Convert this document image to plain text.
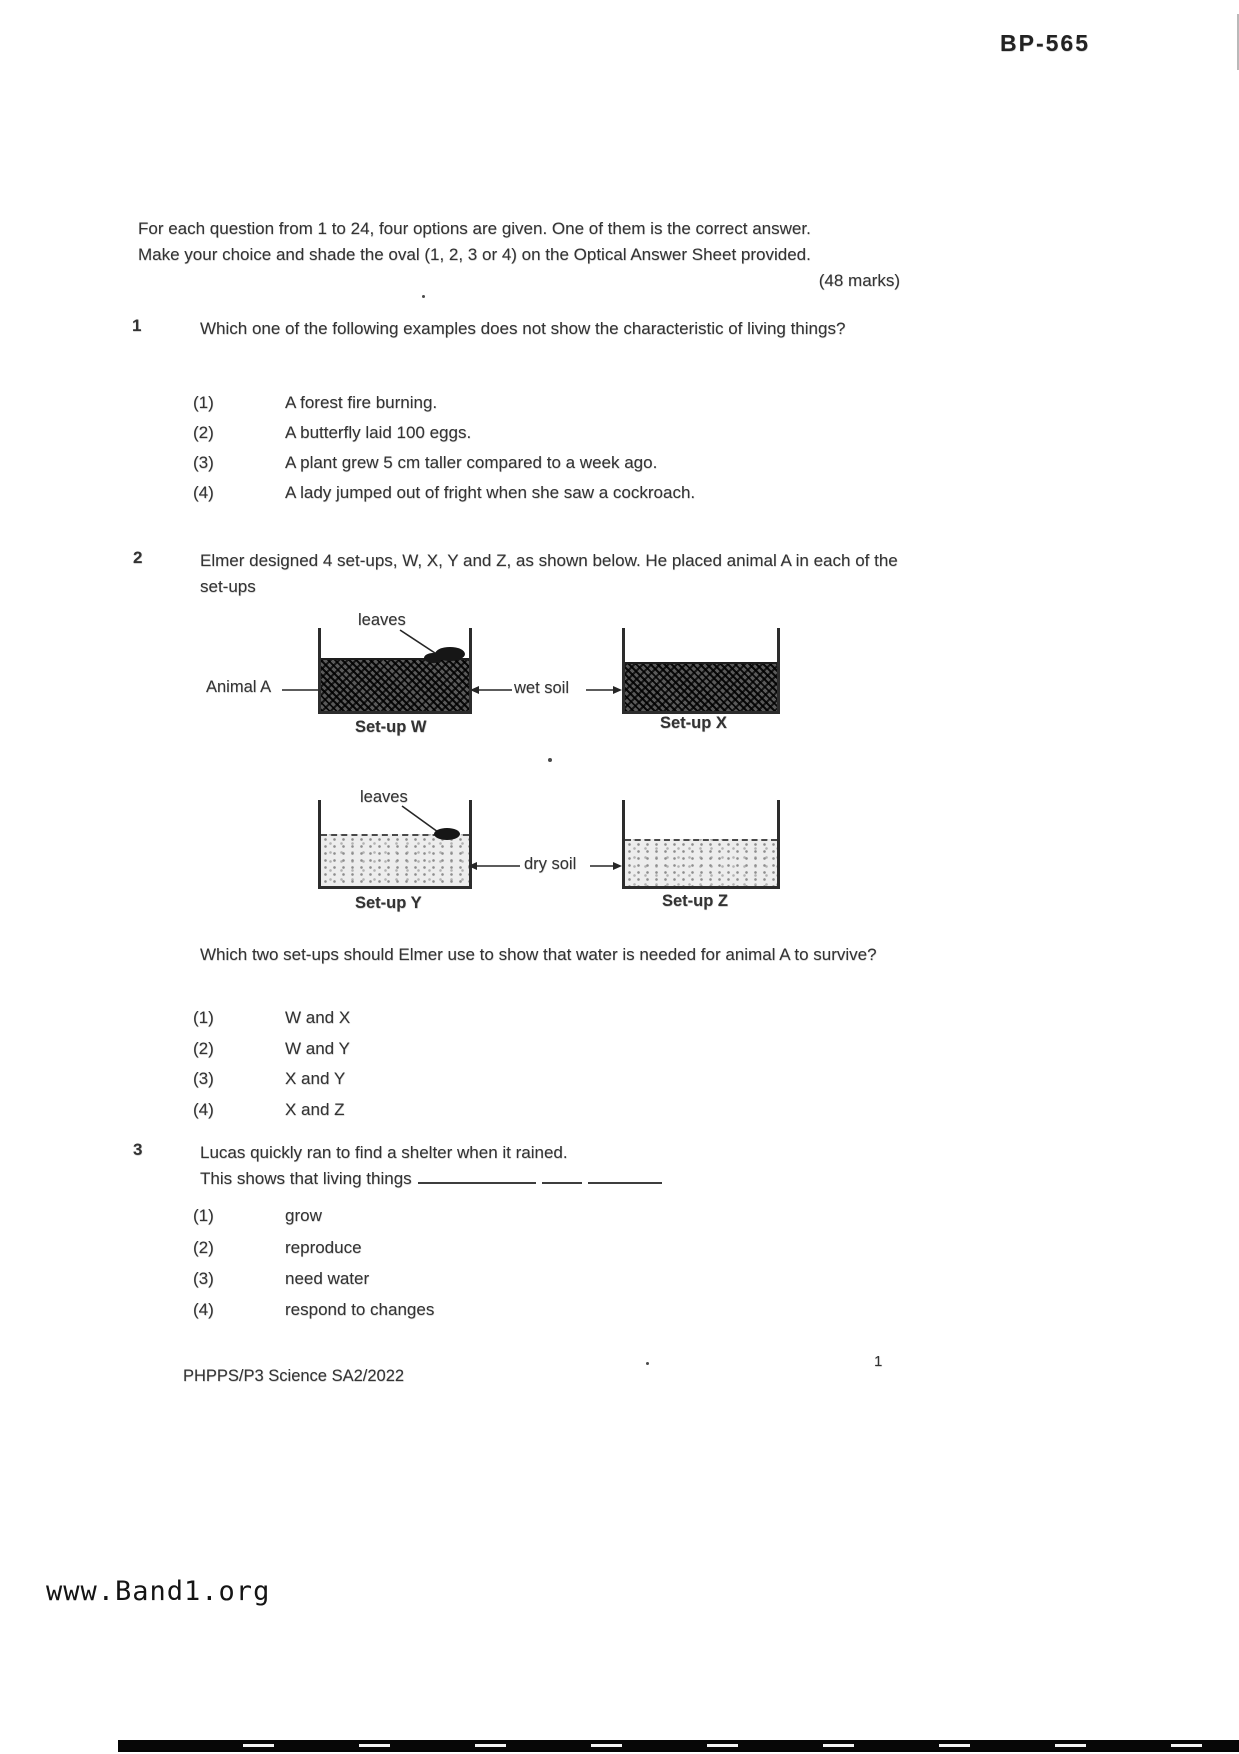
BP-565
For each question from 1 to 24, four options are given. One of them is the correct answer.
Make your choice and shade the oval (1, 2, 3 or 4) on the Optical Answer Sheet provided.
(48 marks)
1	Which one of the following examples does not show the characteristic of living things?
(1)	A forest fire burning.
(2)	A butterfly laid 100 eggs.
(3)	A plant grew 5 cm taller compared to a week ago.
(4)	A lady jumped out of fright when she saw a cockroach.
2	Elmer designed 4 set-ups, W, X, Y and Z, as shown below. He placed animal A in each of the set-ups
leaves
Animal A	wet soil
Set-up W	Set-up X
leaves
dry soil
Set-up Y	Set-up Z
Which two set-ups should Elmer use to show that water is needed for animal A to survive?
(1)	W and X
(2)	W and Y
(3)	X and Y
(4)	X and Z
3	Lucas quickly ran to find a shelter when it rained.
This shows that living things
(1)	grow
(2)	reproduce
(3)	need water
(4)	respond to changes
PHPPS/P3 Science SA2/2022
1
www.Band1.org
